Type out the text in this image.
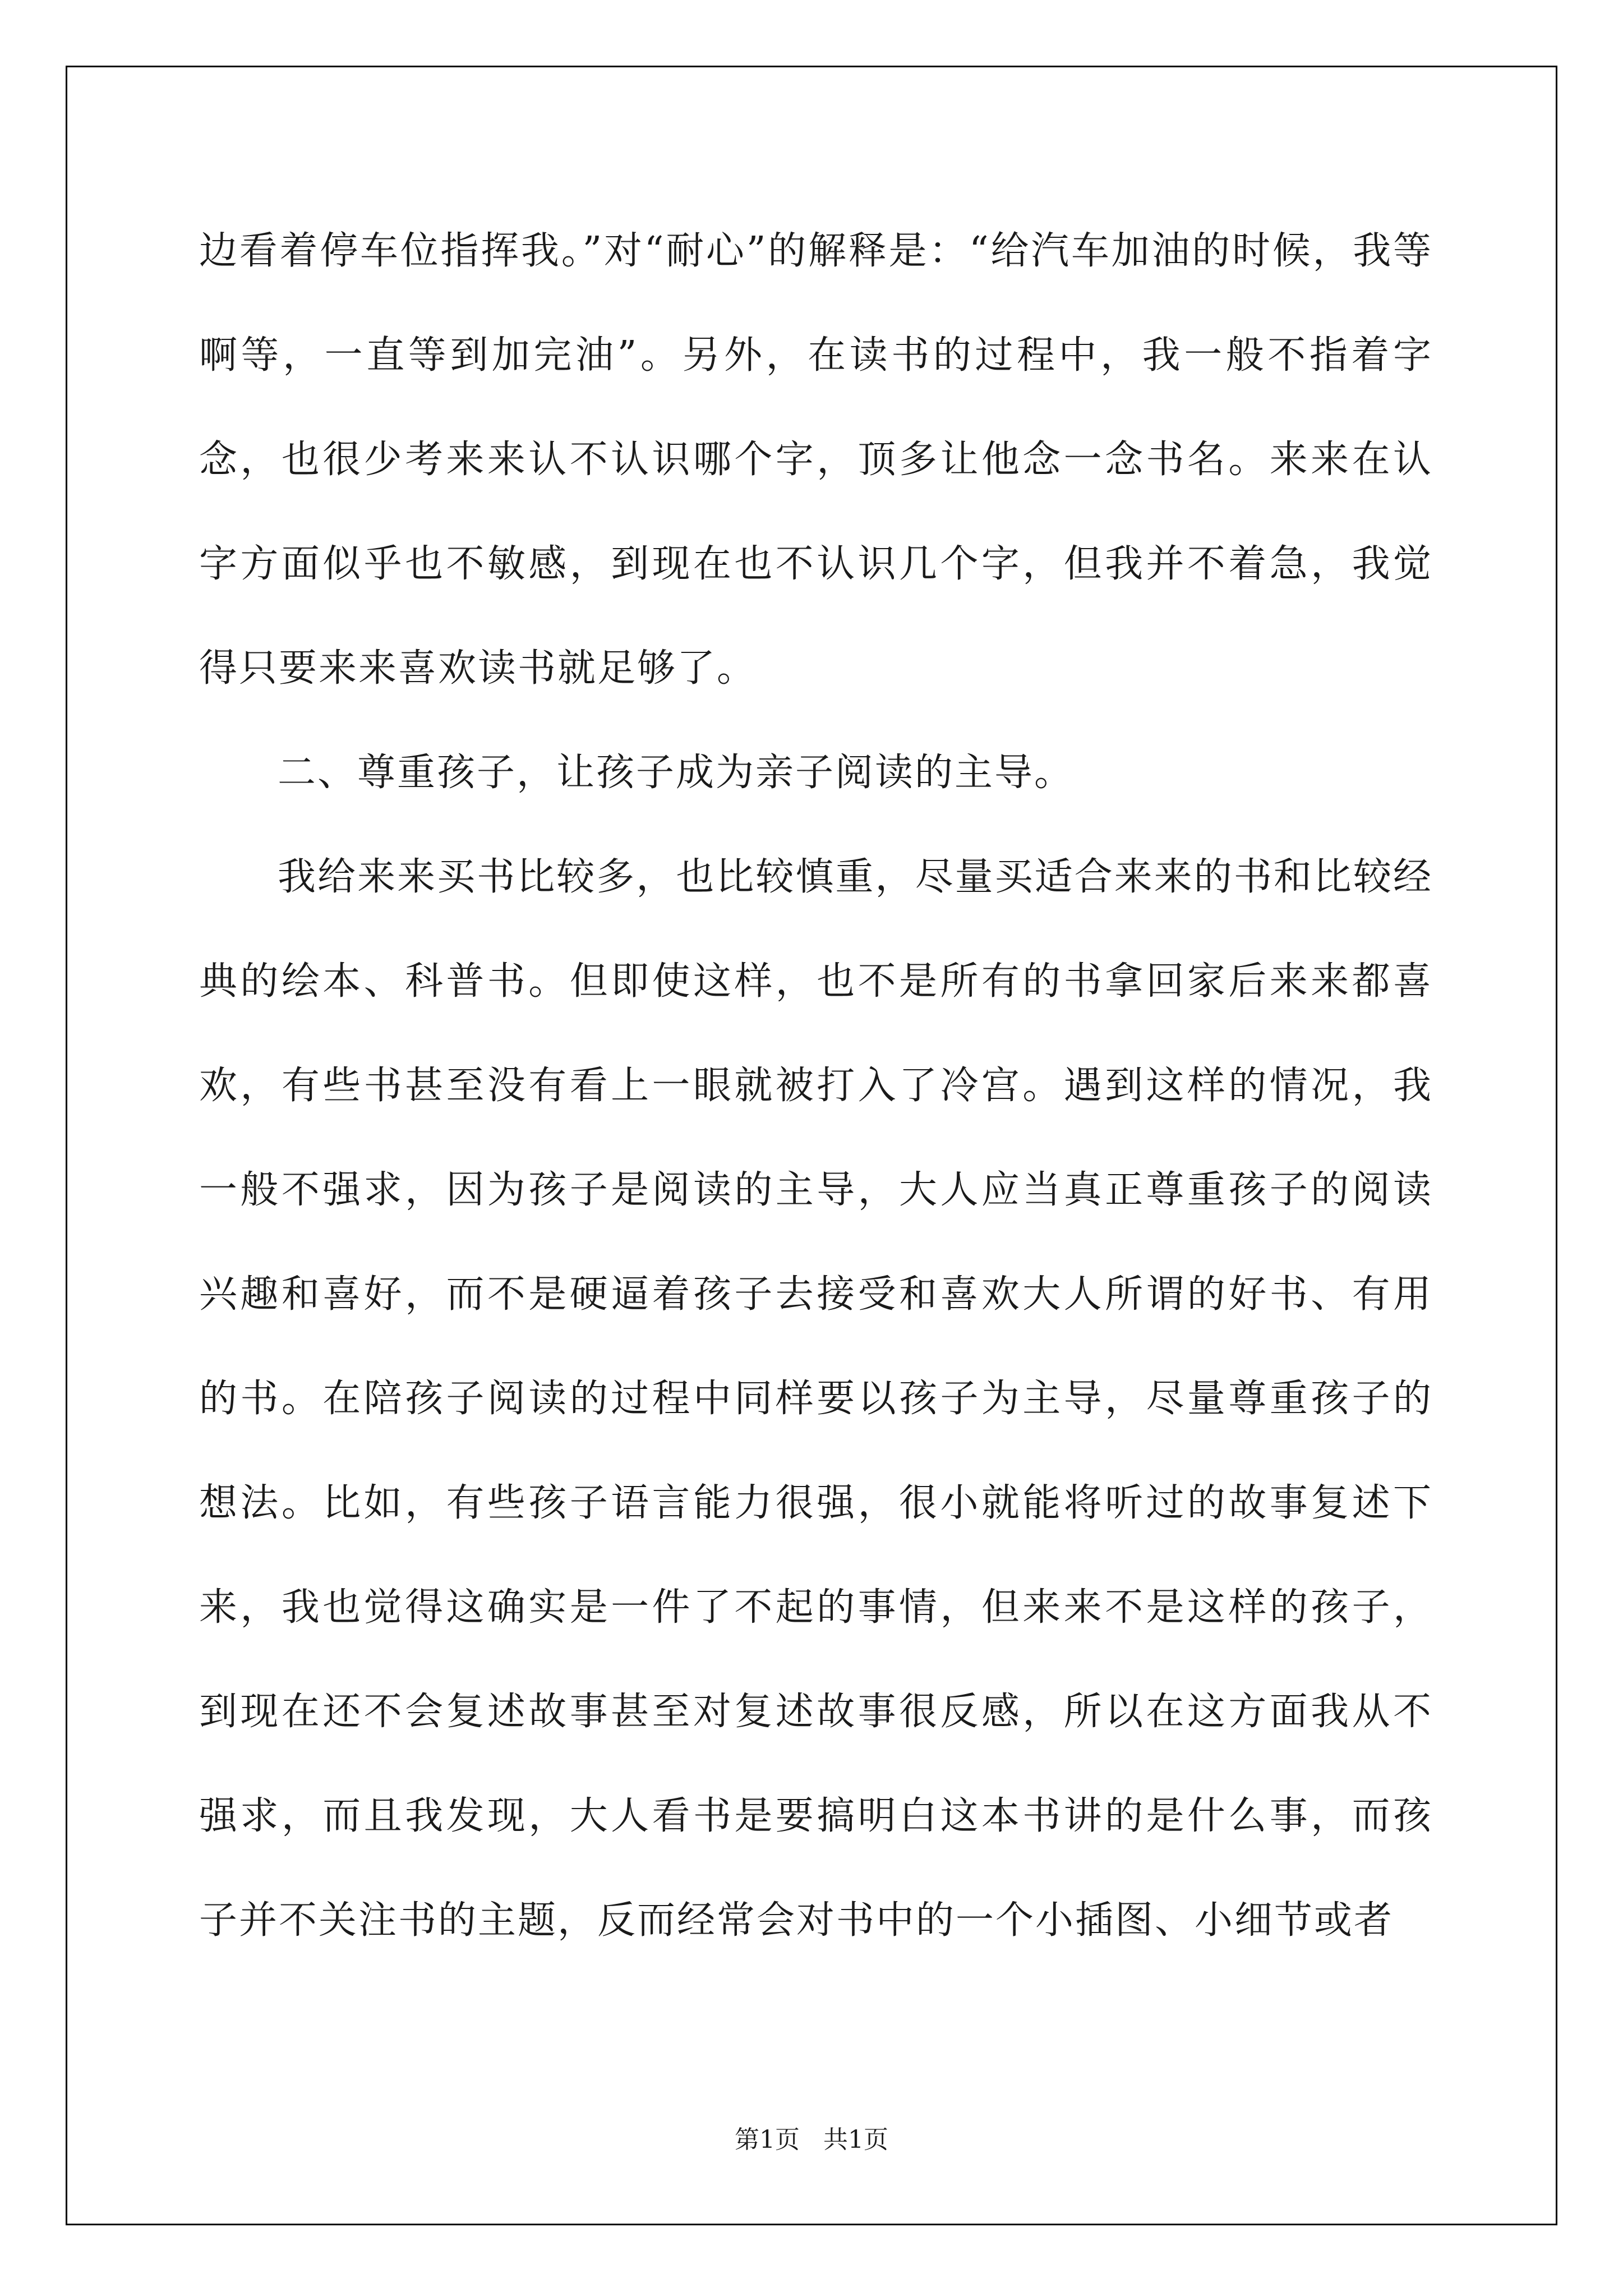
边看着停车位指挥我。”对“耐心”的解释是：“给汽车加油的时候，我等啊等，一直等到加完油”。另外，在读书的过程中，我一般不指着字念，也很少考来来认不认识哪个字，顶多让他念一念书名。来来在认字方面似乎也不敏感，到现在也不认识几个字，但我并不着急，我觉得只要来来喜欢读书就足够了。

二、尊重孩子，让孩子成为亲子阅读的主导。

我给来来买书比较多，也比较慎重，尽量买适合来来的书和比较经典的绘本、科普书。但即使这样，也不是所有的书拿回家后来来都喜欢，有些书甚至没有看上一眼就被打入了冷宫。遇到这样的情况，我一般不强求，因为孩子是阅读的主导，大人应当真正尊重孩子的阅读兴趣和喜好，而不是硬逼着孩子去接受和喜欢大人所谓的好书、有用的书。在陪孩子阅读的过程中同样要以孩子为主导，尽量尊重孩子的想法。比如，有些孩子语言能力很强，很小就能将听过的故事复述下来，我也觉得这确实是一件了不起的事情，但来来不是这样的孩子，到现在还不会复述故事甚至对复述故事很反感，所以在这方面我从不强求，而且我发现，大人看书是要搞明白这本书讲的是什么事，而孩子并不关注书的主题，反而经常会对书中的一个小插图、小细节或者

第1页   共1页
